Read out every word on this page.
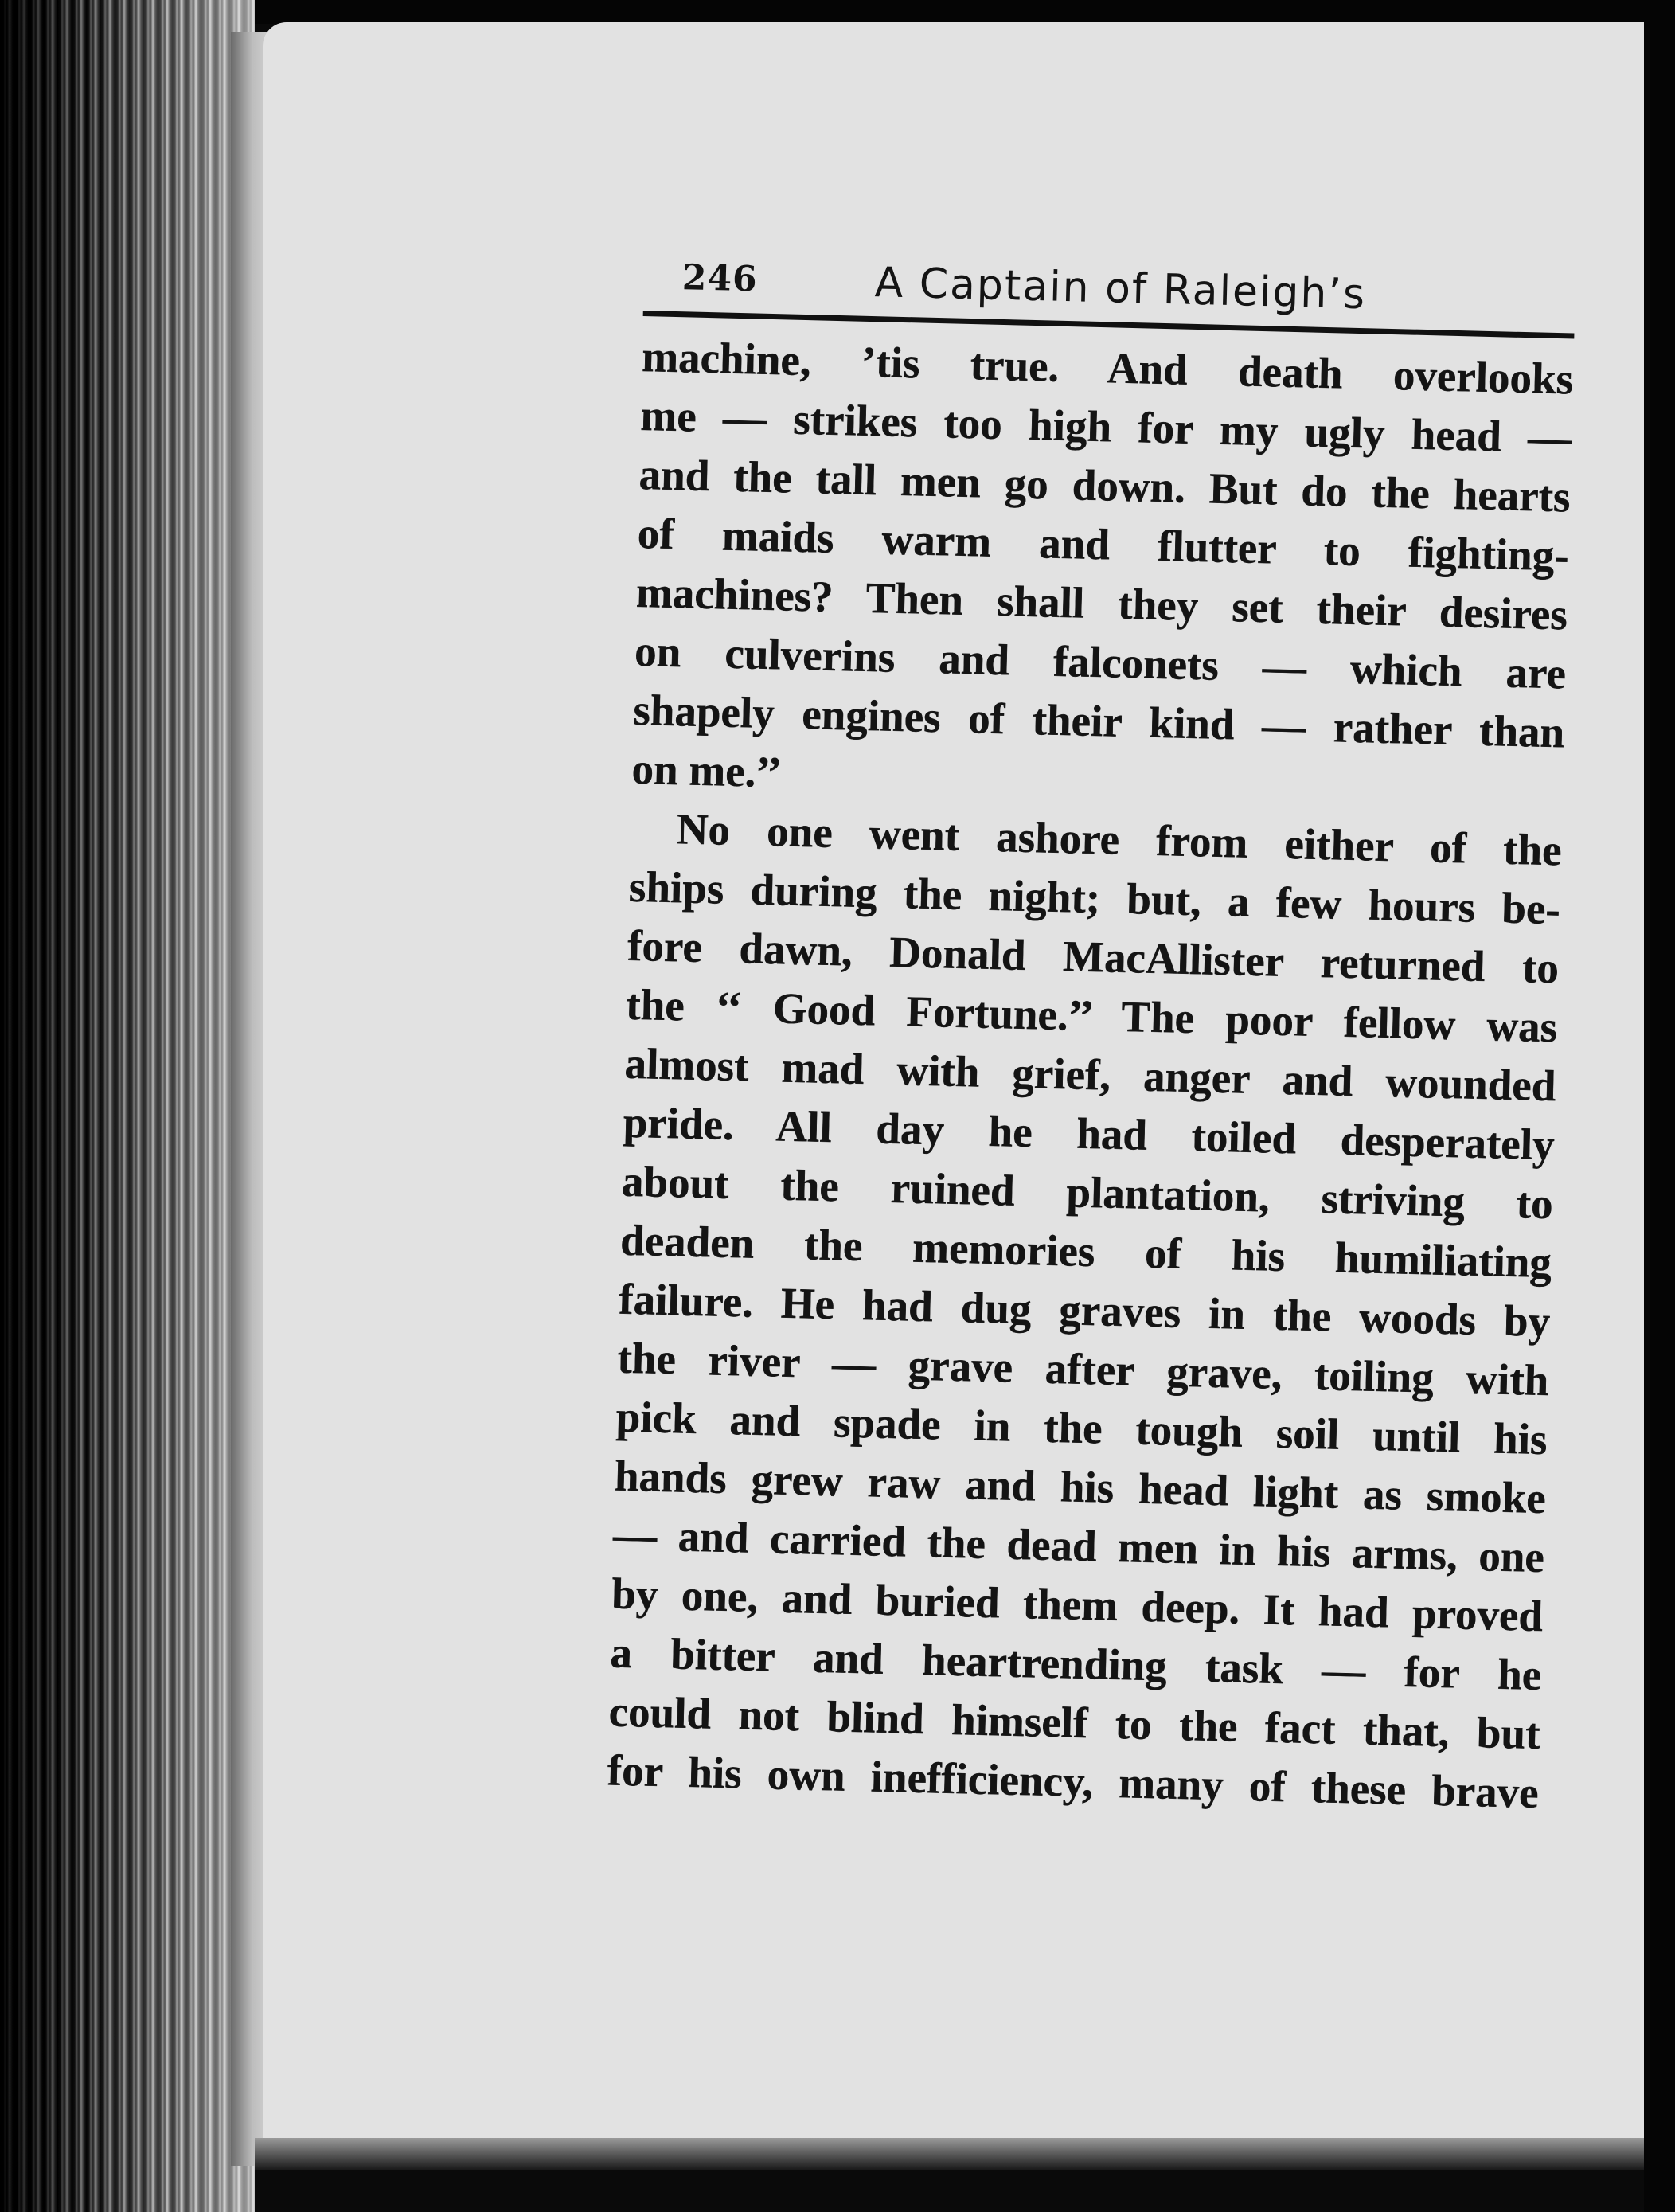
246	A Captain of Raleigh’s
machine, ’tis true. And death overlooks
me — strikes too high for my ugly head —
and the tall men go down. But do the hearts
of maids warm and flutter to fighting-
machines? Then shall they set their desires
on culverins and falconets — which are
shapely engines of their kind — rather than
on me.’’
No one went ashore from either of the
ships during the night; but, a few hours be-
fore dawn, Donald MacAllister returned to
the ‘‘ Good Fortune.’’ The poor fellow was
almost mad with grief, anger and wounded
pride. All day he had toiled desperately
about the ruined plantation, striving to
deaden the memories of his humiliating
failure. He had dug graves in the woods by
the river — grave after grave, toiling with
pick and spade in the tough soil until his
hands grew raw and his head light as smoke
— and carried the dead men in his arms, one
by one, and buried them deep. It had proved
a bitter and heartrending task — for he
could not blind himself to the fact that, but
for his own inefficiency, many of these brave
